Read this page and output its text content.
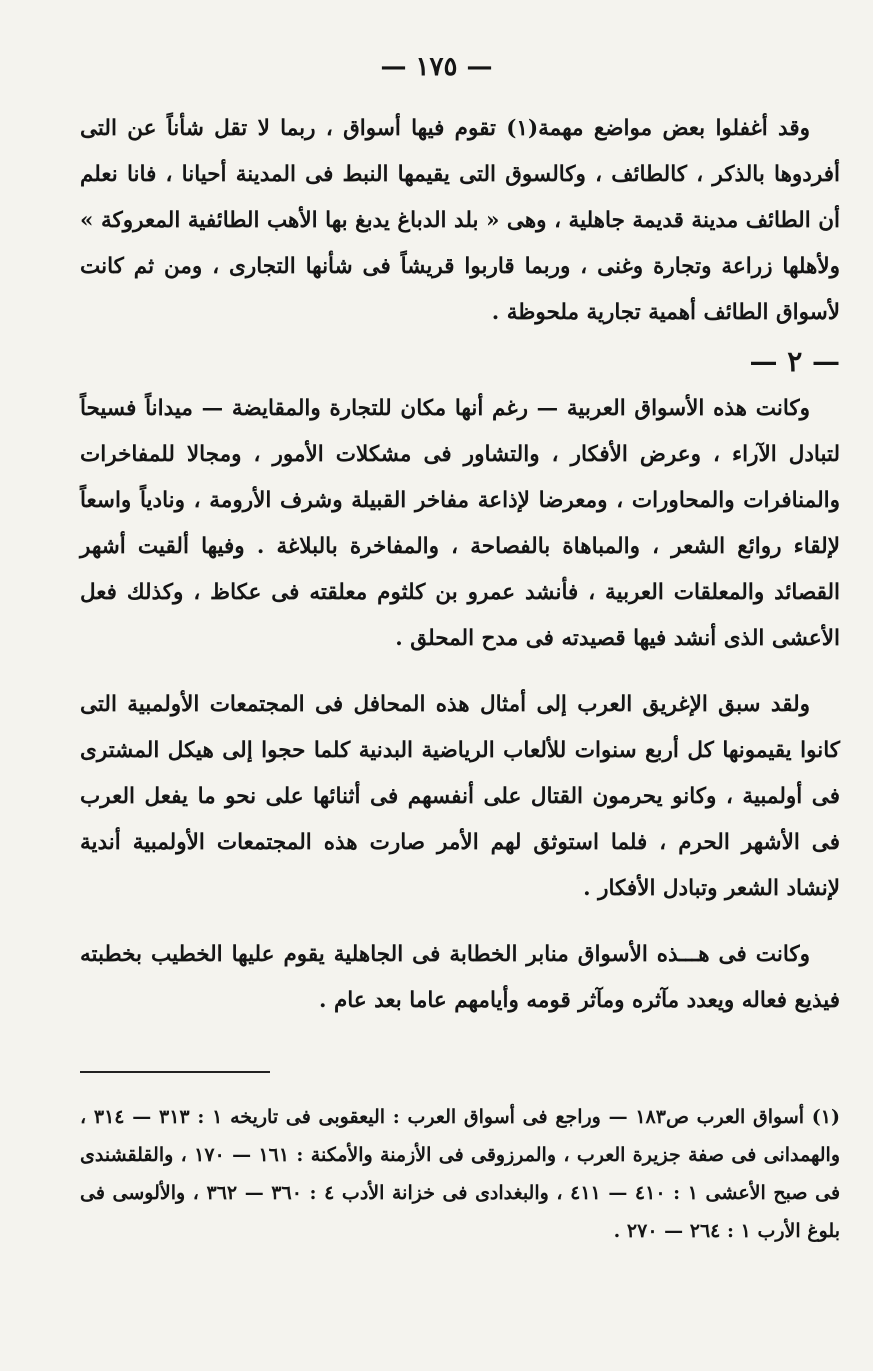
— ١٧٥ —

وقد أغفلوا بعض مواضع مهمة(١) تقوم فيها أسواق ، ربما لا تقل شأناً عن التى أفردوها بالذكر ، كالطائف ، وكالسوق التى يقيمها النبط فى المدينة أحيانا ، فانا نعلم أن الطائف مدينة قديمة جاهلية ، وهى « بلد الدباغ يدبغ بها الأهب الطائفية المعروكة » ولأهلها زراعة وتجارة وغنى ، وربما قاربوا قريشاً فى شأنها التجارى ، ومن ثم كانت لأسواق الطائف أهمية تجارية ملحوظة .

— ٢ —

وكانت هذه الأسواق العربية — رغم أنها مكان للتجارة والمقايضة — ميداناً فسيحاً لتبادل الآراء ، وعرض الأفكار ، والتشاور فى مشكلات الأمور ، ومجالا للمفاخرات والمنافرات والمحاورات ، ومعرضا لإذاعة مفاخر القبيلة وشرف الأرومة ، ونادياً واسعاً لإلقاء روائع الشعر ، والمباهاة بالفصاحة ، والمفاخرة بالبلاغة . وفيها ألقيت أشهر القصائد والمعلقات العربية ، فأنشد عمرو بن كلثوم معلقته فى عكاظ ، وكذلك فعل الأعشى الذى أنشد فيها قصيدته فى مدح المحلق .

ولقد سبق الإغريق العرب إلى أمثال هذه المحافل فى المجتمعات الأولمبية التى كانوا يقيمونها كل أربع سنوات للألعاب الرياضية البدنية كلما حجوا إلى هيكل المشترى فى أولمبية ، وكانو يحرمون القتال على أنفسهم فى أثنائها على نحو ما يفعل العرب فى الأشهر الحرم ، فلما استوثق لهم الأمر صارت هذه المجتمعات الأولمبية أندية لإنشاد الشعر وتبادل الأفكار .

وكانت فى هـــذه الأسواق منابر الخطابة فى الجاهلية يقوم عليها الخطيب بخطبته فيذيع فعاله ويعدد مآثره ومآثر قومه وأيامهم عاما بعد عام .

(١) أسواق العرب ص١٨٣ — وراجع فى أسواق العرب : اليعقوبى فى تاريخه ١ : ٣١٣ — ٣١٤ ، والهمدانى فى صفة جزيرة العرب ، والمرزوقى فى الأزمنة والأمكنة : ١٦١ — ١٧٠ ، والقلقشندى فى صبح الأعشى ١ : ٤١٠ — ٤١١ ، والبغدادى فى خزانة الأدب ٤ : ٣٦٠ — ٣٦٢ ، والألوسى فى بلوغ الأرب ١ : ٢٦٤ — ٢٧٠ .
